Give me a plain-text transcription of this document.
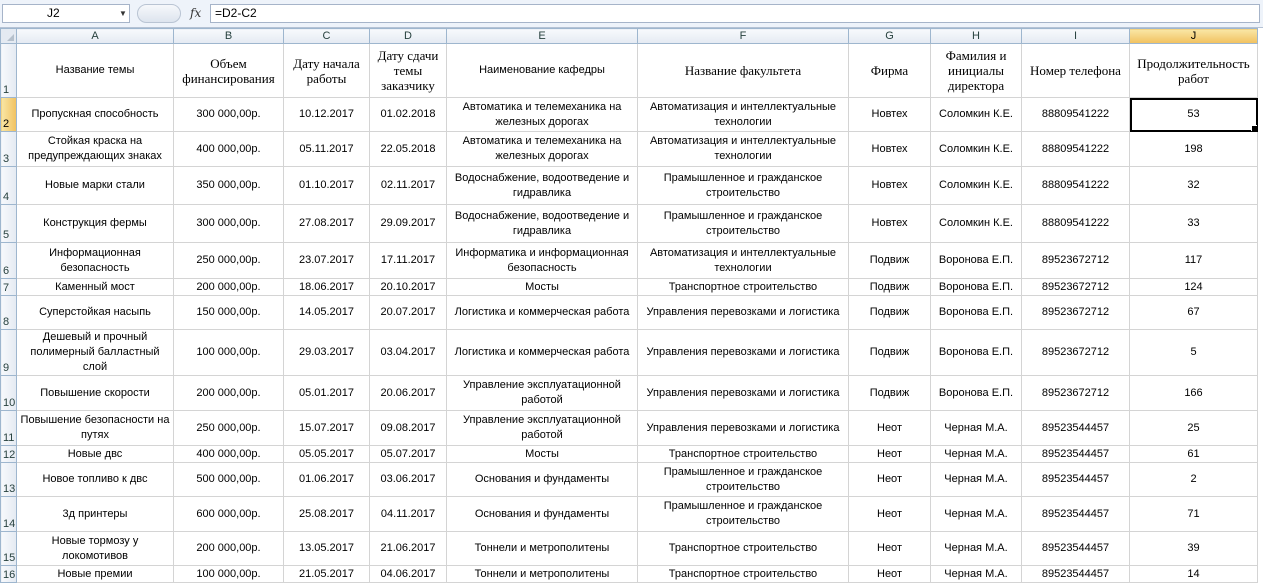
J2	▼	fx	=D2-C2
	A	B	C	D	E	F	G	H	I	J
1	Название темы	Объем финансирования	Дату начала работы	Дату сдачи темы заказчику	Наименование кафедры	Название факультета	Фирма	Фамилия и инициалы директора	Номер телефона	Продолжительность работ
2	Пропускная способность	300 000,00р.	10.12.2017	01.02.2018	Автоматика и телемеханика на железных дорогах	Автоматизация и интеллектуальные технологии	Новтех	Соломкин К.Е.	88809541222	53
3	Стойкая краска на предупреждающих знаках	400 000,00р.	05.11.2017	22.05.2018	Автоматика и телемеханика на железных дорогах	Автоматизация и интеллектуальные технологии	Новтех	Соломкин К.Е.	88809541222	198
4	Новые марки стали	350 000,00р.	01.10.2017	02.11.2017	Водоснабжение, водоотведение и гидравлика	Прамышленное и гражданское строительство	Новтех	Соломкин К.Е.	88809541222	32
5	Конструкция фермы	300 000,00р.	27.08.2017	29.09.2017	Водоснабжение, водоотведение и гидравлика	Прамышленное и гражданское строительство	Новтех	Соломкин К.Е.	88809541222	33
6	Информационная безопасность	250 000,00р.	23.07.2017	17.11.2017	Информатика и информационная безопасность	Автоматизация и интеллектуальные технологии	Подвиж	Воронова Е.П.	89523672712	117
7	Каменный мост	200 000,00р.	18.06.2017	20.10.2017	Мосты	Транспортное строительство	Подвиж	Воронова Е.П.	89523672712	124
8	Суперстойкая насыпь	150 000,00р.	14.05.2017	20.07.2017	Логистика и коммерческая работа	Управления перевозками и логистика	Подвиж	Воронова Е.П.	89523672712	67
9	Дешевый и прочный полимерный балластный слой	100 000,00р.	29.03.2017	03.04.2017	Логистика и коммерческая работа	Управления перевозками и логистика	Подвиж	Воронова Е.П.	89523672712	5
10	Повышение скорости	200 000,00р.	05.01.2017	20.06.2017	Управление эксплуатационной работой	Управления перевозками и логистика	Подвиж	Воронова Е.П.	89523672712	166
11	Повышение безопасности на путях	250 000,00р.	15.07.2017	09.08.2017	Управление эксплуатационной работой	Управления перевозками и логистика	Неот	Черная М.А.	89523544457	25
12	Новые двс	400 000,00р.	05.05.2017	05.07.2017	Мосты	Транспортное строительство	Неот	Черная М.А.	89523544457	61
13	Новое топливо к двс	500 000,00р.	01.06.2017	03.06.2017	Основания и фундаменты	Прамышленное и гражданское строительство	Неот	Черная М.А.	89523544457	2
14	3д принтеры	600 000,00р.	25.08.2017	04.11.2017	Основания и фундаменты	Прамышленное и гражданское строительство	Неот	Черная М.А.	89523544457	71
15	Новые тормозу у локомотивов	200 000,00р.	13.05.2017	21.06.2017	Тоннели и метрополитены	Транспортное строительство	Неот	Черная М.А.	89523544457	39
16	Новые премии	100 000,00р.	21.05.2017	04.06.2017	Тоннели и метрополитены	Транспортное строительство	Неот	Черная М.А.	89523544457	14
